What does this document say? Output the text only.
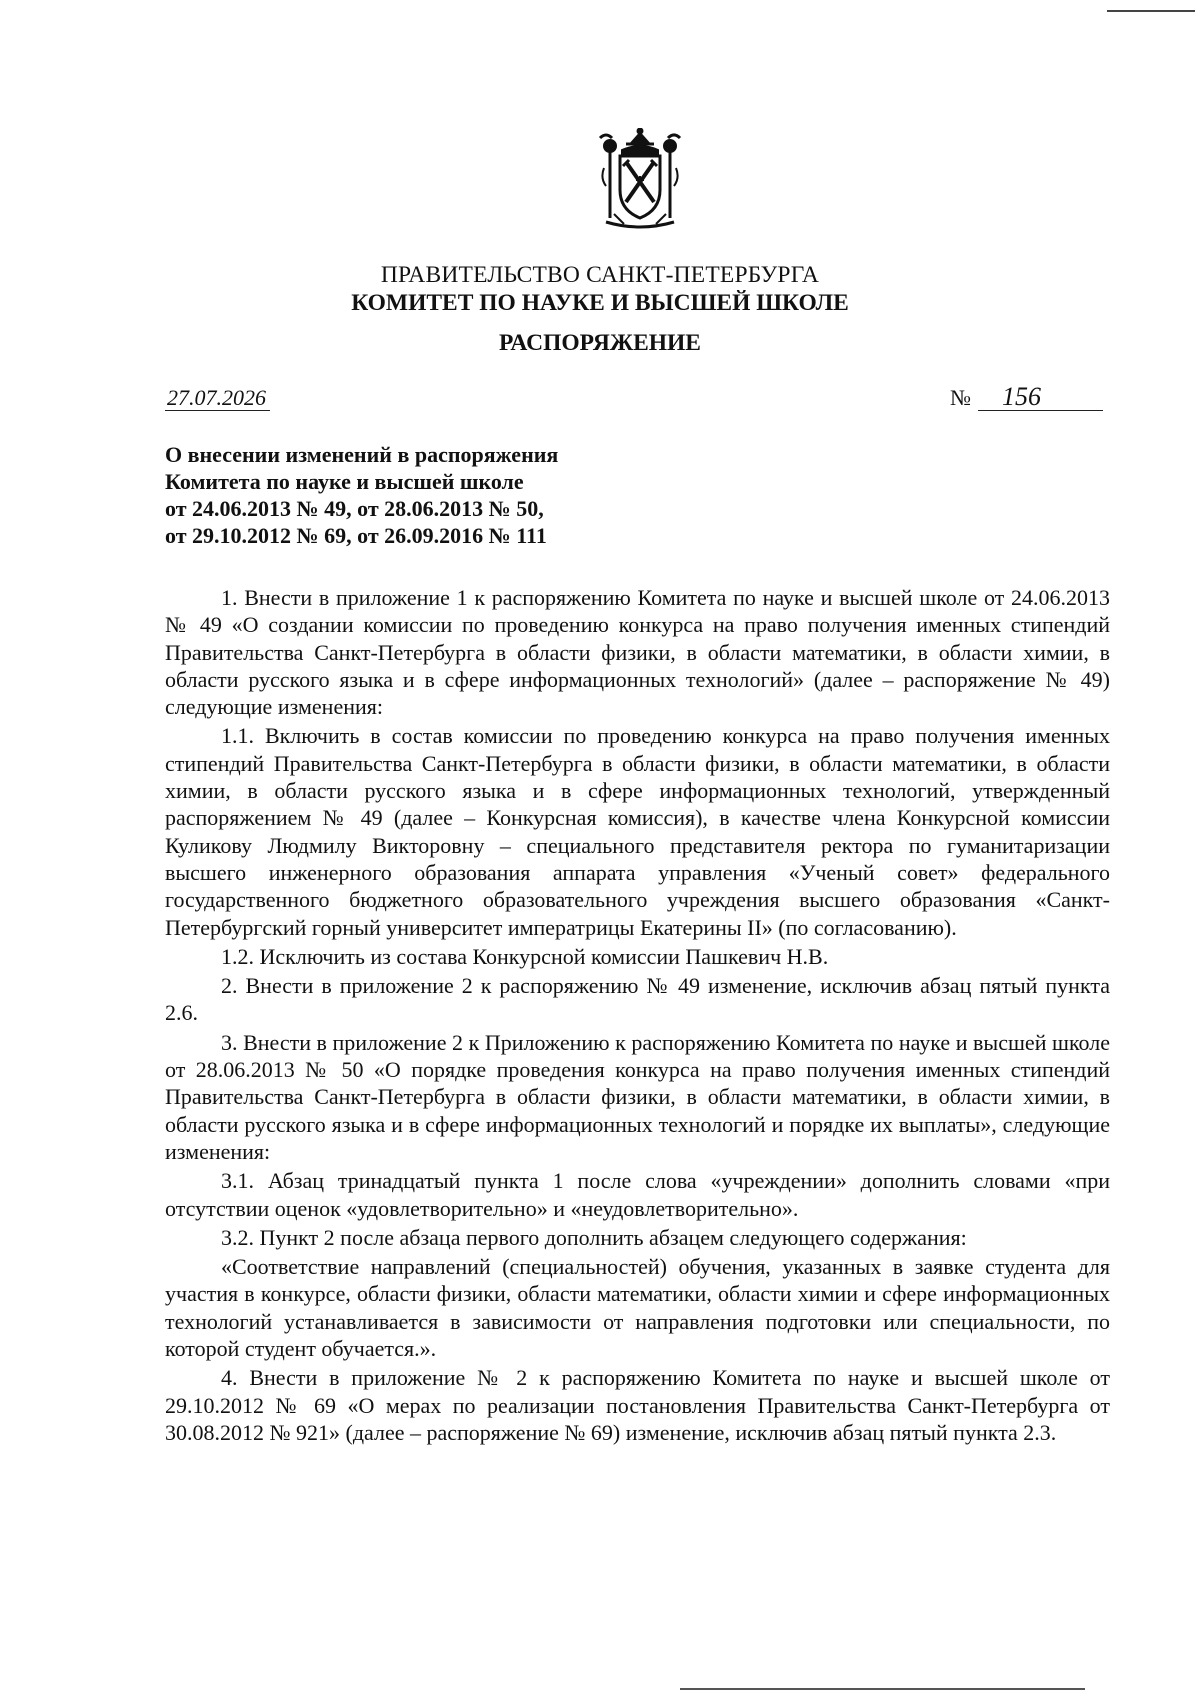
ПРАВИТЕЛЬСТВО САНКТ-ПЕТЕРБУРГА
КОМИТЕТ ПО НАУКЕ И ВЫСШЕЙ ШКОЛЕ
РАСПОРЯЖЕНИЕ
27.07.2026	№ 156
О внесении изменений в распоряжения
Комитета по науке и высшей школе
от 24.06.2013 № 49, от 28.06.2013 № 50,
от 29.10.2012 № 69, от 26.09.2016 № 111

1. Внести в приложение 1 к распоряжению Комитета по науке и высшей школе от 24.06.2013 № 49 «О создании комиссии по проведению конкурса на право получения именных стипендий Правительства Санкт-Петербурга в области физики, в области математики, в области химии, в области русского языка и в сфере информационных технологий» (далее – распоряжение № 49) следующие изменения:

1.1. Включить в состав комиссии по проведению конкурса на право получения именных стипендий Правительства Санкт-Петербурга в области физики, в области математики, в области химии, в области русского языка и в сфере информационных технологий, утвержденный распоряжением № 49 (далее – Конкурсная комиссия), в качестве члена Конкурсной комиссии Куликову Людмилу Викторовну – специального представителя ректора по гуманитаризации высшего инженерного образования аппарата управления «Ученый совет» федерального государственного бюджетного образовательного учреждения высшего образования «Санкт-Петербургский горный университет императрицы Екатерины II» (по согласованию).

1.2. Исключить из состава Конкурсной комиссии Пашкевич Н.В.

2. Внести в приложение 2 к распоряжению № 49 изменение, исключив абзац пятый пункта 2.6.

3. Внести в приложение 2 к Приложению к распоряжению Комитета по науке и высшей школе от 28.06.2013 № 50 «О порядке проведения конкурса на право получения именных стипендий Правительства Санкт-Петербурга в области физики, в области математики, в области химии, в области русского языка и в сфере информационных технологий и порядке их выплаты», следующие изменения:

3.1. Абзац тринадцатый пункта 1 после слова «учреждении» дополнить словами «при отсутствии оценок «удовлетворительно» и «неудовлетворительно».

3.2. Пункт 2 после абзаца первого дополнить абзацем следующего содержания:

«Соответствие направлений (специальностей) обучения, указанных в заявке студента для участия в конкурсе, области физики, области математики, области химии и сфере информационных технологий устанавливается в зависимости от направления подготовки или специальности, по которой студент обучается.».

4. Внести в приложение № 2 к распоряжению Комитета по науке и высшей школе от 29.10.2012 № 69 «О мерах по реализации постановления Правительства Санкт-Петербурга от 30.08.2012 № 921» (далее – распоряжение № 69) изменение, исключив абзац пятый пункта 2.3.
